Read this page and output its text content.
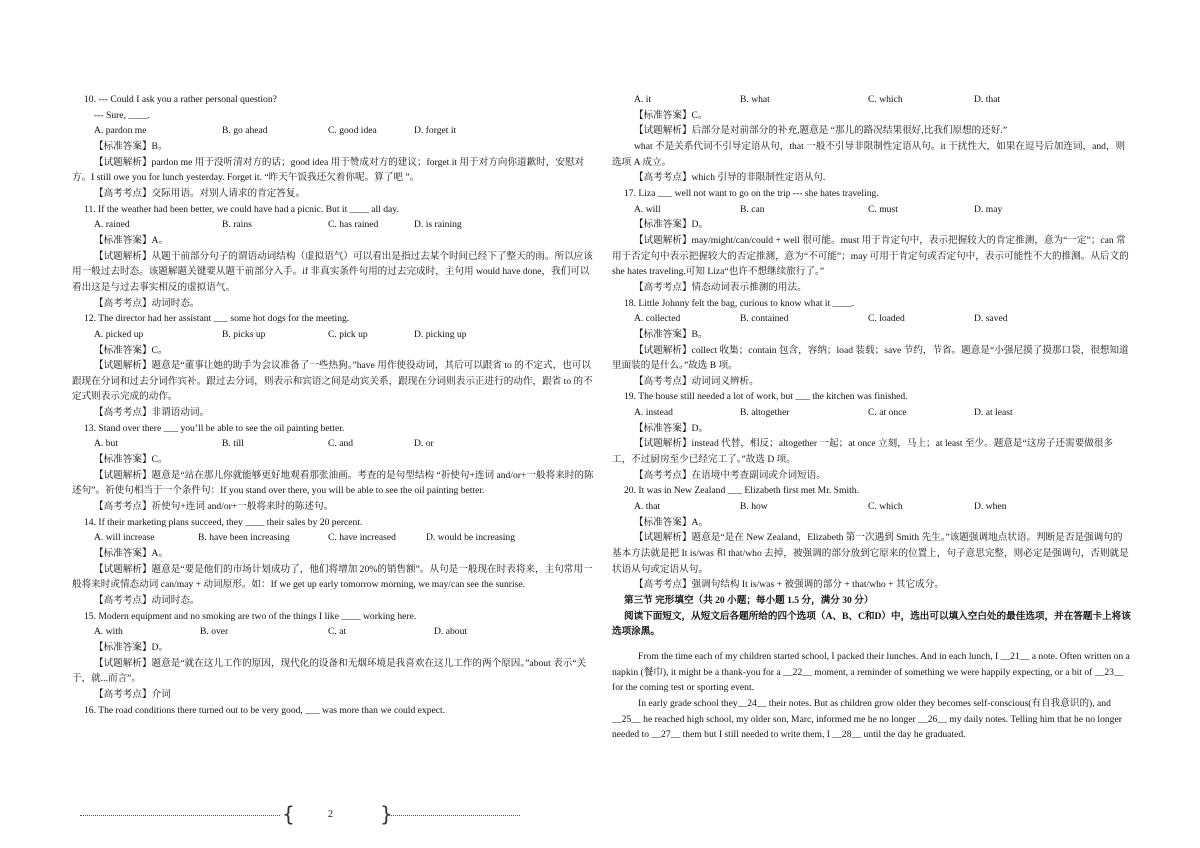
10. --- Could I ask you a rather personal question?

--- Sure, ____.

A. pardon me	B. go ahead	C. good idea	D. forget it

【标准答案】B。

【试题解析】pardon me 用于没听清对方的话；good idea 用于赞成对方的建议；forget it 用于对方向你道歉时，安慰对方。I still owe you for lunch yesterday. Forget it. “昨天午饭我还欠着你呢。算了吧 ”。

【高考考点】交际用语。对别人请求的肯定答复。

11. If the weather had been better, we could have had a picnic. But it ____ all day.

A. rained	B. rains	C. has rained	D. is raining

【标准答案】A。

【试题解析】从题干前部分句子的谓语动词结构（虚拟语气）可以看出是指过去某个时间已经下了整天的雨。所以应该用一般过去时态。该题解题关键要从题干前部分入手。if 非真实条件句用的过去完成时，主句用 would have done，我们可以看出这是与过去事实相反的虚拟语气。

【高考考点】动词时态。

12. The director had her assistant ___ some hot dogs for the meeting.

A. picked up	B. picks up	C. pick up	D. picking up

【标准答案】C。

【试题解析】题意是“董事让她的助手为会议准备了一些热狗。”have 用作使役动词，其后可以跟省 to 的不定式，也可以跟现在分词和过去分词作宾补。跟过去分词，则表示和宾语之间是动宾关系，跟现在分词则表示正进行的动作，跟省 to 的不定式则表示完成的动作。

【高考考点】非谓语动词。

13. Stand over there ___ you’ll be able to see the oil painting better.

A. but	B. till	C. and	D. or

【标准答案】C。

【试题解析】题意是“站在那儿你就能够更好地观看那张油画。考查的是句型结构 “祈使句+连词 and/or+一般将来时的陈述句”。祈使句相当于一个条件句：If you stand over there, you will be able to see the oil painting better.

【高考考点】祈使句+连词 and/or+一般将来时的陈述句。

14. If their marketing plans succeed, they ____ their sales by 20 percent.

A. will increase	B. have been increasing	C. have increased	D. would be increasing

【标准答案】A。

【试题解析】题意是“要是他们的市场计划成功了，他们将增加 20%的销售额”。从句是一般现在时表将来，主句常用一般将来时或情态动词 can/may + 动词原形。如：If we get up early tomorrow morning, we may/can see the sunrise.

【高考考点】动词时态。

15. Modern equipment and no smoking are two of the things I like ____ working here.

A. with	B. over	C. at	D. about

【标准答案】D。

【试题解析】题意是“就在这儿工作的原因，现代化的设备和无烟环境是我喜欢在这儿工作的两个原因。”about 表示“关于，就...而言”。

【高考考点】介词

16. The road conditions there turned out to be very good, ___ was more than we could expect.

A. it	B. what	C. which	D. that

【标准答案】C。

【试题解析】后部分是对前部分的补充,题意是 “那儿的路况结果很好,比我们原想的还好.”

what 不是关系代词不引导定语从句，that 一般不引导非限制性定语从句。it 干扰性大，如果在逗号后加连词，and，则选项 A 成立。

【高考考点】which 引导的非限制性定语从句.

17. Liza ___ well not want to go on the trip --- she hates traveling.

A. will	B. can	C. must	D. may

【标准答案】D。

【试题解析】may/might/can/could + well 很可能。must 用于肯定句中，表示把握较大的肯定推测，意为“一定”；can 常用于否定句中表示把握较大的否定推测，意为“不可能”；may 可用于肯定句或否定句中，表示可能性不大的推测。从后文的 she hates traveling.可知 Liza“也许不想继续旅行了。”

【高考考点】情态动词表示推测的用法。

18. Little Johnny felt the bag, curious to know what it ____.

A. collected	B. contained	C. loaded	D. saved

【标准答案】B。

【试题解析】collect 收集；contain 包含，容纳；load 装载；save 节约，节省。题意是“小强尼摸了摸那口袋，很想知道里面装的是什么。”故选 B 项。

【高考考点】动词词义辨析。

19. The house still needed a lot of work, but ___ the kitchen was finished.

A. instead	B. altogether	C. at once	D. at least

【标准答案】D。

【试题解析】instead 代替，相反；altogether 一起；at once 立刻，马上；at least 至少。题意是“这房子还需要做很多工，不过厨房至少已经完工了。”故选 D 项。

【高考考点】在语境中考查副词或介词短语。

20. It was in New Zealand ___ Elizabeth first met Mr. Smith.

A. that	B. how	C. which	D. when

【标准答案】A。

【试题解析】题意是“是在 New Zealand，Elizabeth 第一次遇到 Smith 先生。”该题强调地点状语。判断是否是强调句的基本方法就是把 It is/was 和 that/who 去掉，被强调的部分放到它原来的位置上，句子意思完整，则必定是强调句，否则就是状语从句或定语从句。

【高考考点】强调句结构 It is/was + 被强调的部分 + that/who + 其它成分。

第三节 完形填空（共 20 小题；每小题 1.5 分，满分 30 分）

阅读下面短文，从短文后各题所给的四个选项（A、B、C和D）中，选出可以填入空白处的最佳选项，并在答题卡上将该选项涂黑。

From the time each of my children started school, I packed their lunches. And in each lunch, I __21__ a note. Often written on a napkin (餐巾), it might be a thank-you for a __22__ moment, a reminder of something we were happily expecting, or a bit of __23__ for the coming test or sporting event.

In early grade school they__24__ their notes. But as children grow older they becomes self-conscious(有自我意识的), and __25__ he reached high school, my older son, Marc, informed me he no longer __26__ my daily notes. Telling him that he no longer needed to __27__ them but I still needed to write them, I __28__ until the day he graduated.

{	2 }
